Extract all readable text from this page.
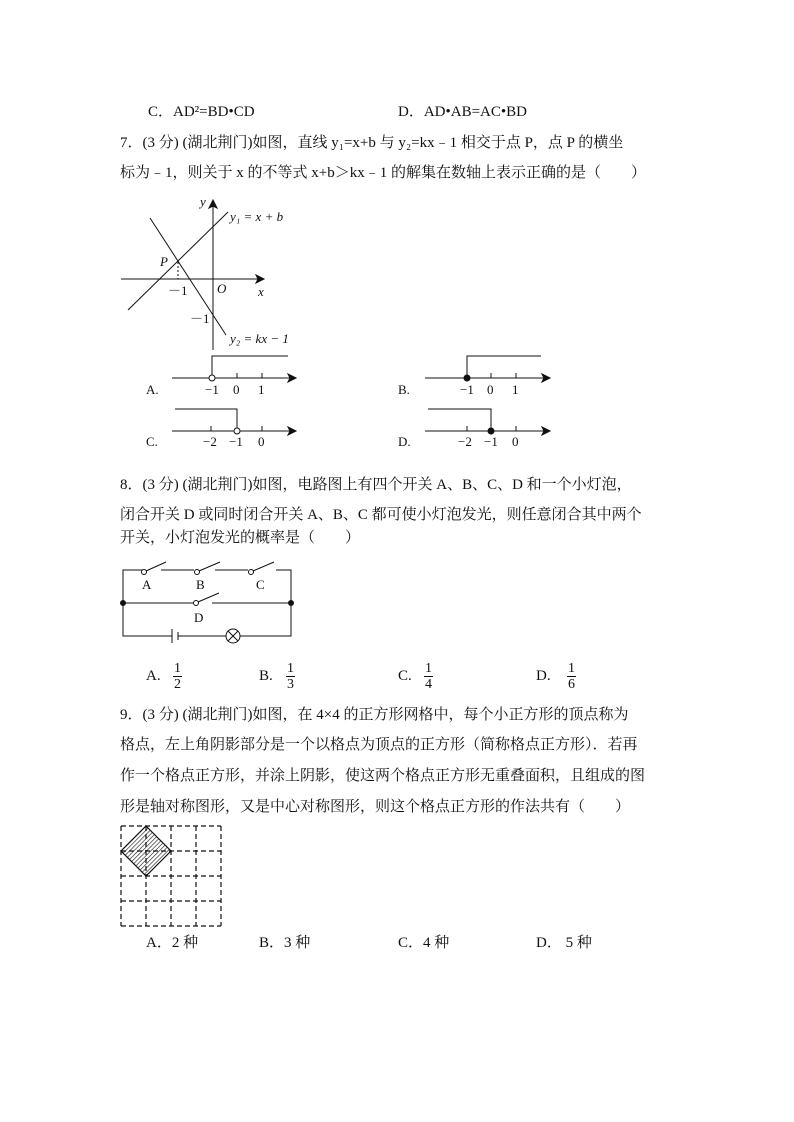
C．AD²=BD•CD	D．AD•AB=AC•BD
7．(3 分) (湖北荆门)如图，直线 y₁=x+b 与 y₂=kx﹣1 相交于点 P，点 P 的横坐
标为﹣1，则关于 x 的不等式 x+b＞kx﹣1 的解集在数轴上表示正确的是（　　）
y
x
O
P
－1
－1
y₁ = x + b
y₂ = kx − 1
A.	−1 0 1	B.	−1 0 1
C.	−2 −1 0	D.	−2 −1 0
A	B	C
D
8．(3 分) (湖北荆门)如图，电路图上有四个开关 A、B、C、D 和一个小灯泡，
闭合开关 D 或同时闭合开关 A、B、C 都可使小灯泡发光，则任意闭合其中两个
开关，小灯泡发光的概率是（　　）
A. $\frac{1}{2}$	B. $\frac{1}{3}$	C. $\frac{1}{4}$	D. $\frac{1}{6}$
9．(3 分) (湖北荆门)如图，在 4×4 的正方形网格中，每个小正方形的顶点称为
格点，左上角阴影部分是一个以格点为顶点的正方形（简称格点正方形）．若再
作一个格点正方形，并涂上阴影，使这两个格点正方形无重叠面积，且组成的图
形是轴对称图形，又是中心对称图形，则这个格点正方形的作法共有（　　）
A．2 种	B．3 种	C．4 种	D． 5 种
